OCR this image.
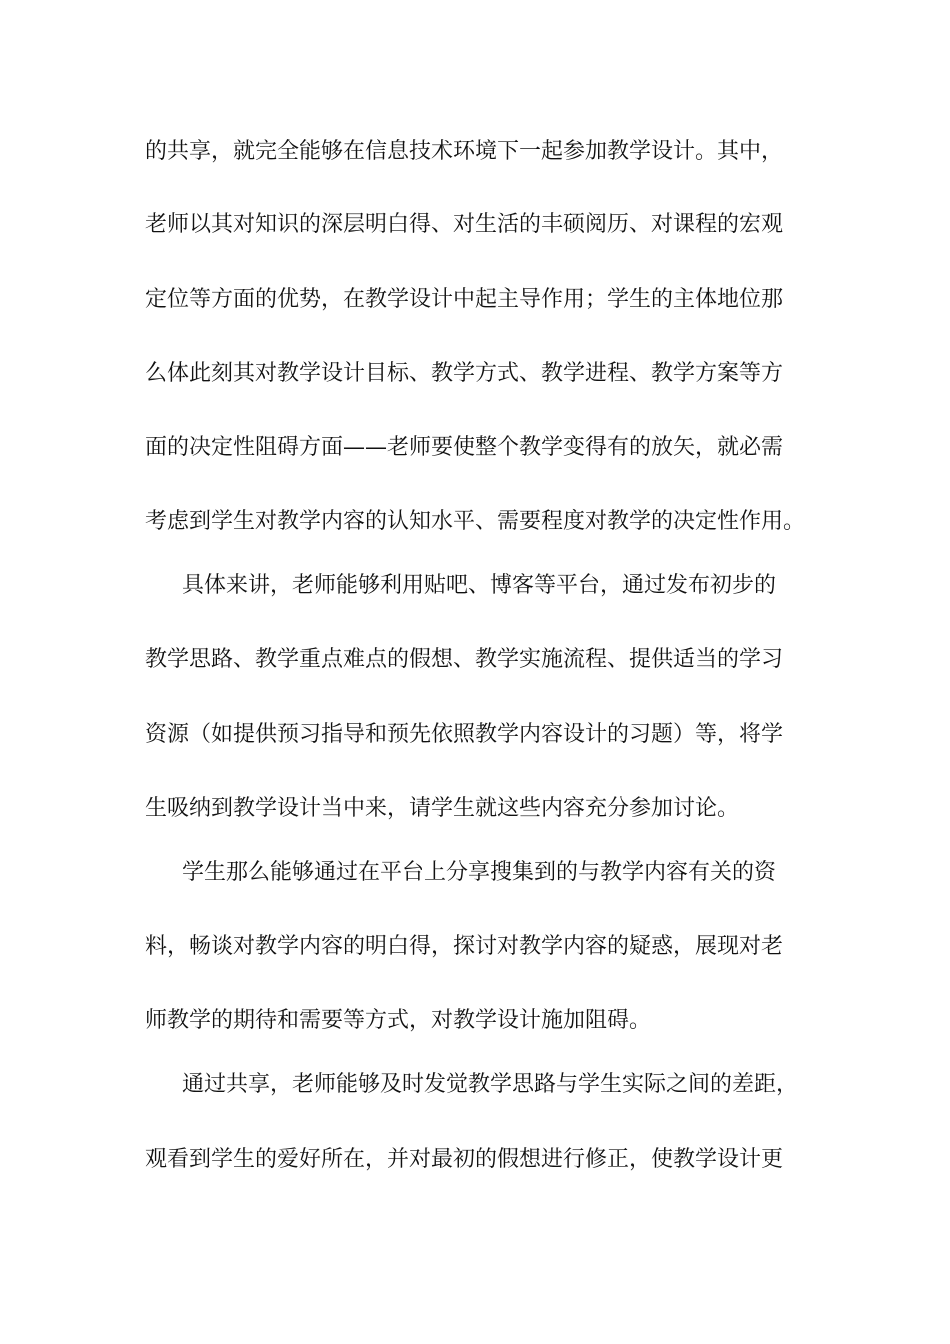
的共享，就完全能够在信息技术环境下一起参加教学设计。其中，
老师以其对知识的深层明白得、对生活的丰硕阅历、对课程的宏观
定位等方面的优势，在教学设计中起主导作用；学生的主体地位那
么体此刻其对教学设计目标、教学方式、教学进程、教学方案等方
面的决定性阻碍方面——老师要使整个教学变得有的放矢，就必需
考虑到学生对教学内容的认知水平、需要程度对教学的决定性作用。
具体来讲，老师能够利用贴吧、博客等平台，通过发布初步的
教学思路、教学重点难点的假想、教学实施流程、提供适当的学习
资源（如提供预习指导和预先依照教学内容设计的习题）等，将学
生吸纳到教学设计当中来，请学生就这些内容充分参加讨论。
学生那么能够通过在平台上分享搜集到的与教学内容有关的资
料，畅谈对教学内容的明白得，探讨对教学内容的疑惑，展现对老
师教学的期待和需要等方式，对教学设计施加阻碍。
通过共享，老师能够及时发觉教学思路与学生实际之间的差距，
观看到学生的爱好所在，并对最初的假想进行修正，使教学设计更
